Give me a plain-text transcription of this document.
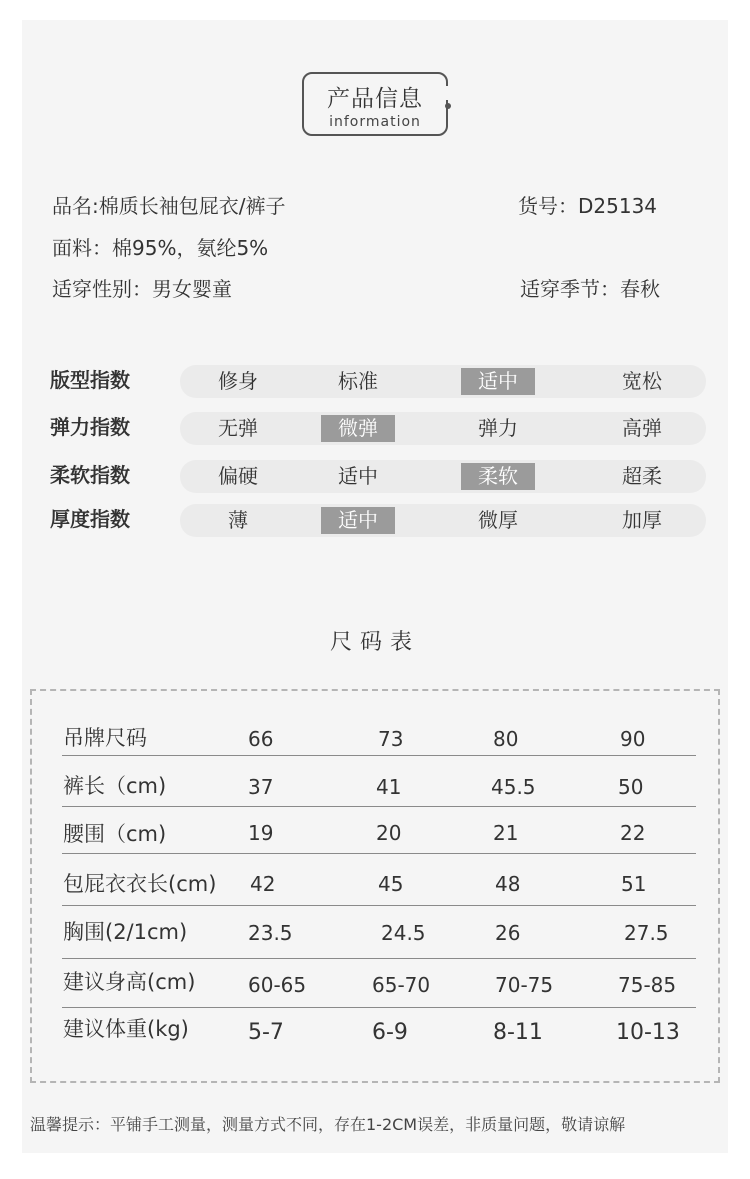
产品信息
information
品名:棉质长袖包屁衣/裤子	货号：D25134
面料：棉95%，氨纶5%
适穿性别：男女婴童	适穿季节：春秋
版型指数	修身	标准	适中	宽松
弹力指数	无弹	微弹	弹力	高弹
柔软指数	偏硬	适中	柔软	超柔
厚度指数	薄	适中	微厚	加厚
尺码表
吊牌尺码	66	73	80	90
裤长（cm)	37	41	45.5	50
腰围（cm)	19	20	21	22
包屁衣衣长(cm) 42	45	48	51
胸围(2/1cm)	23.5	24.5	26	27.5
建议身高(cm)	60-65	65-70	70-75	75-85
建议体重(kg)	5-7	6-9	8-11	10-13
温馨提示：平铺手工测量，测量方式不同，存在1-2CM误差，非质量问题，敬请谅解
